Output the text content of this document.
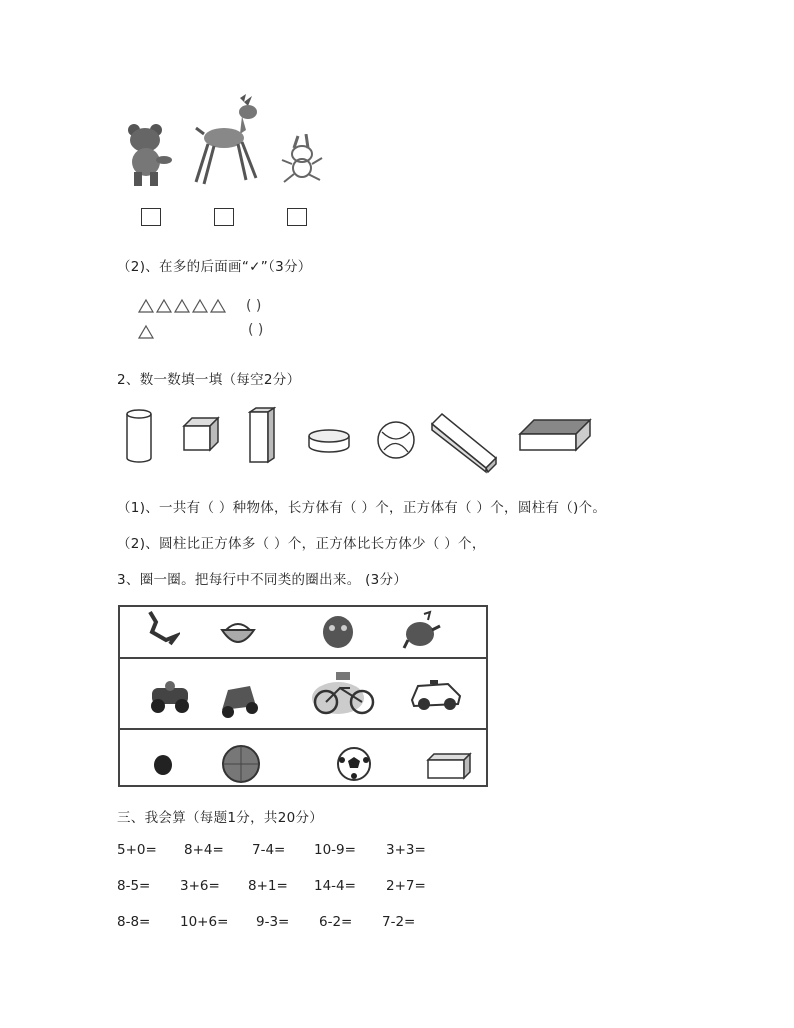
（2)、在多的后面画“✓”（3分）
( )
( )
2、数一数填一填（每空2分）
（1)、一共有（ ）种物体，长方体有（ ）个，正方体有（ ）个，圆柱有（)个。
（2)、圆柱比正方体多（ ）个，正方体比长方体少（ ）个，
3、圈一圈。把每行中不同类的圈出来。 (3分）
三、我会算（每题1分，共20分）
5+0= 8+4= 7-4= 10-9= 3+3=
8-5= 3+6= 8+1= 14-4= 2+7=
8-8= 10+6= 9-3= 6-2= 7-2=
